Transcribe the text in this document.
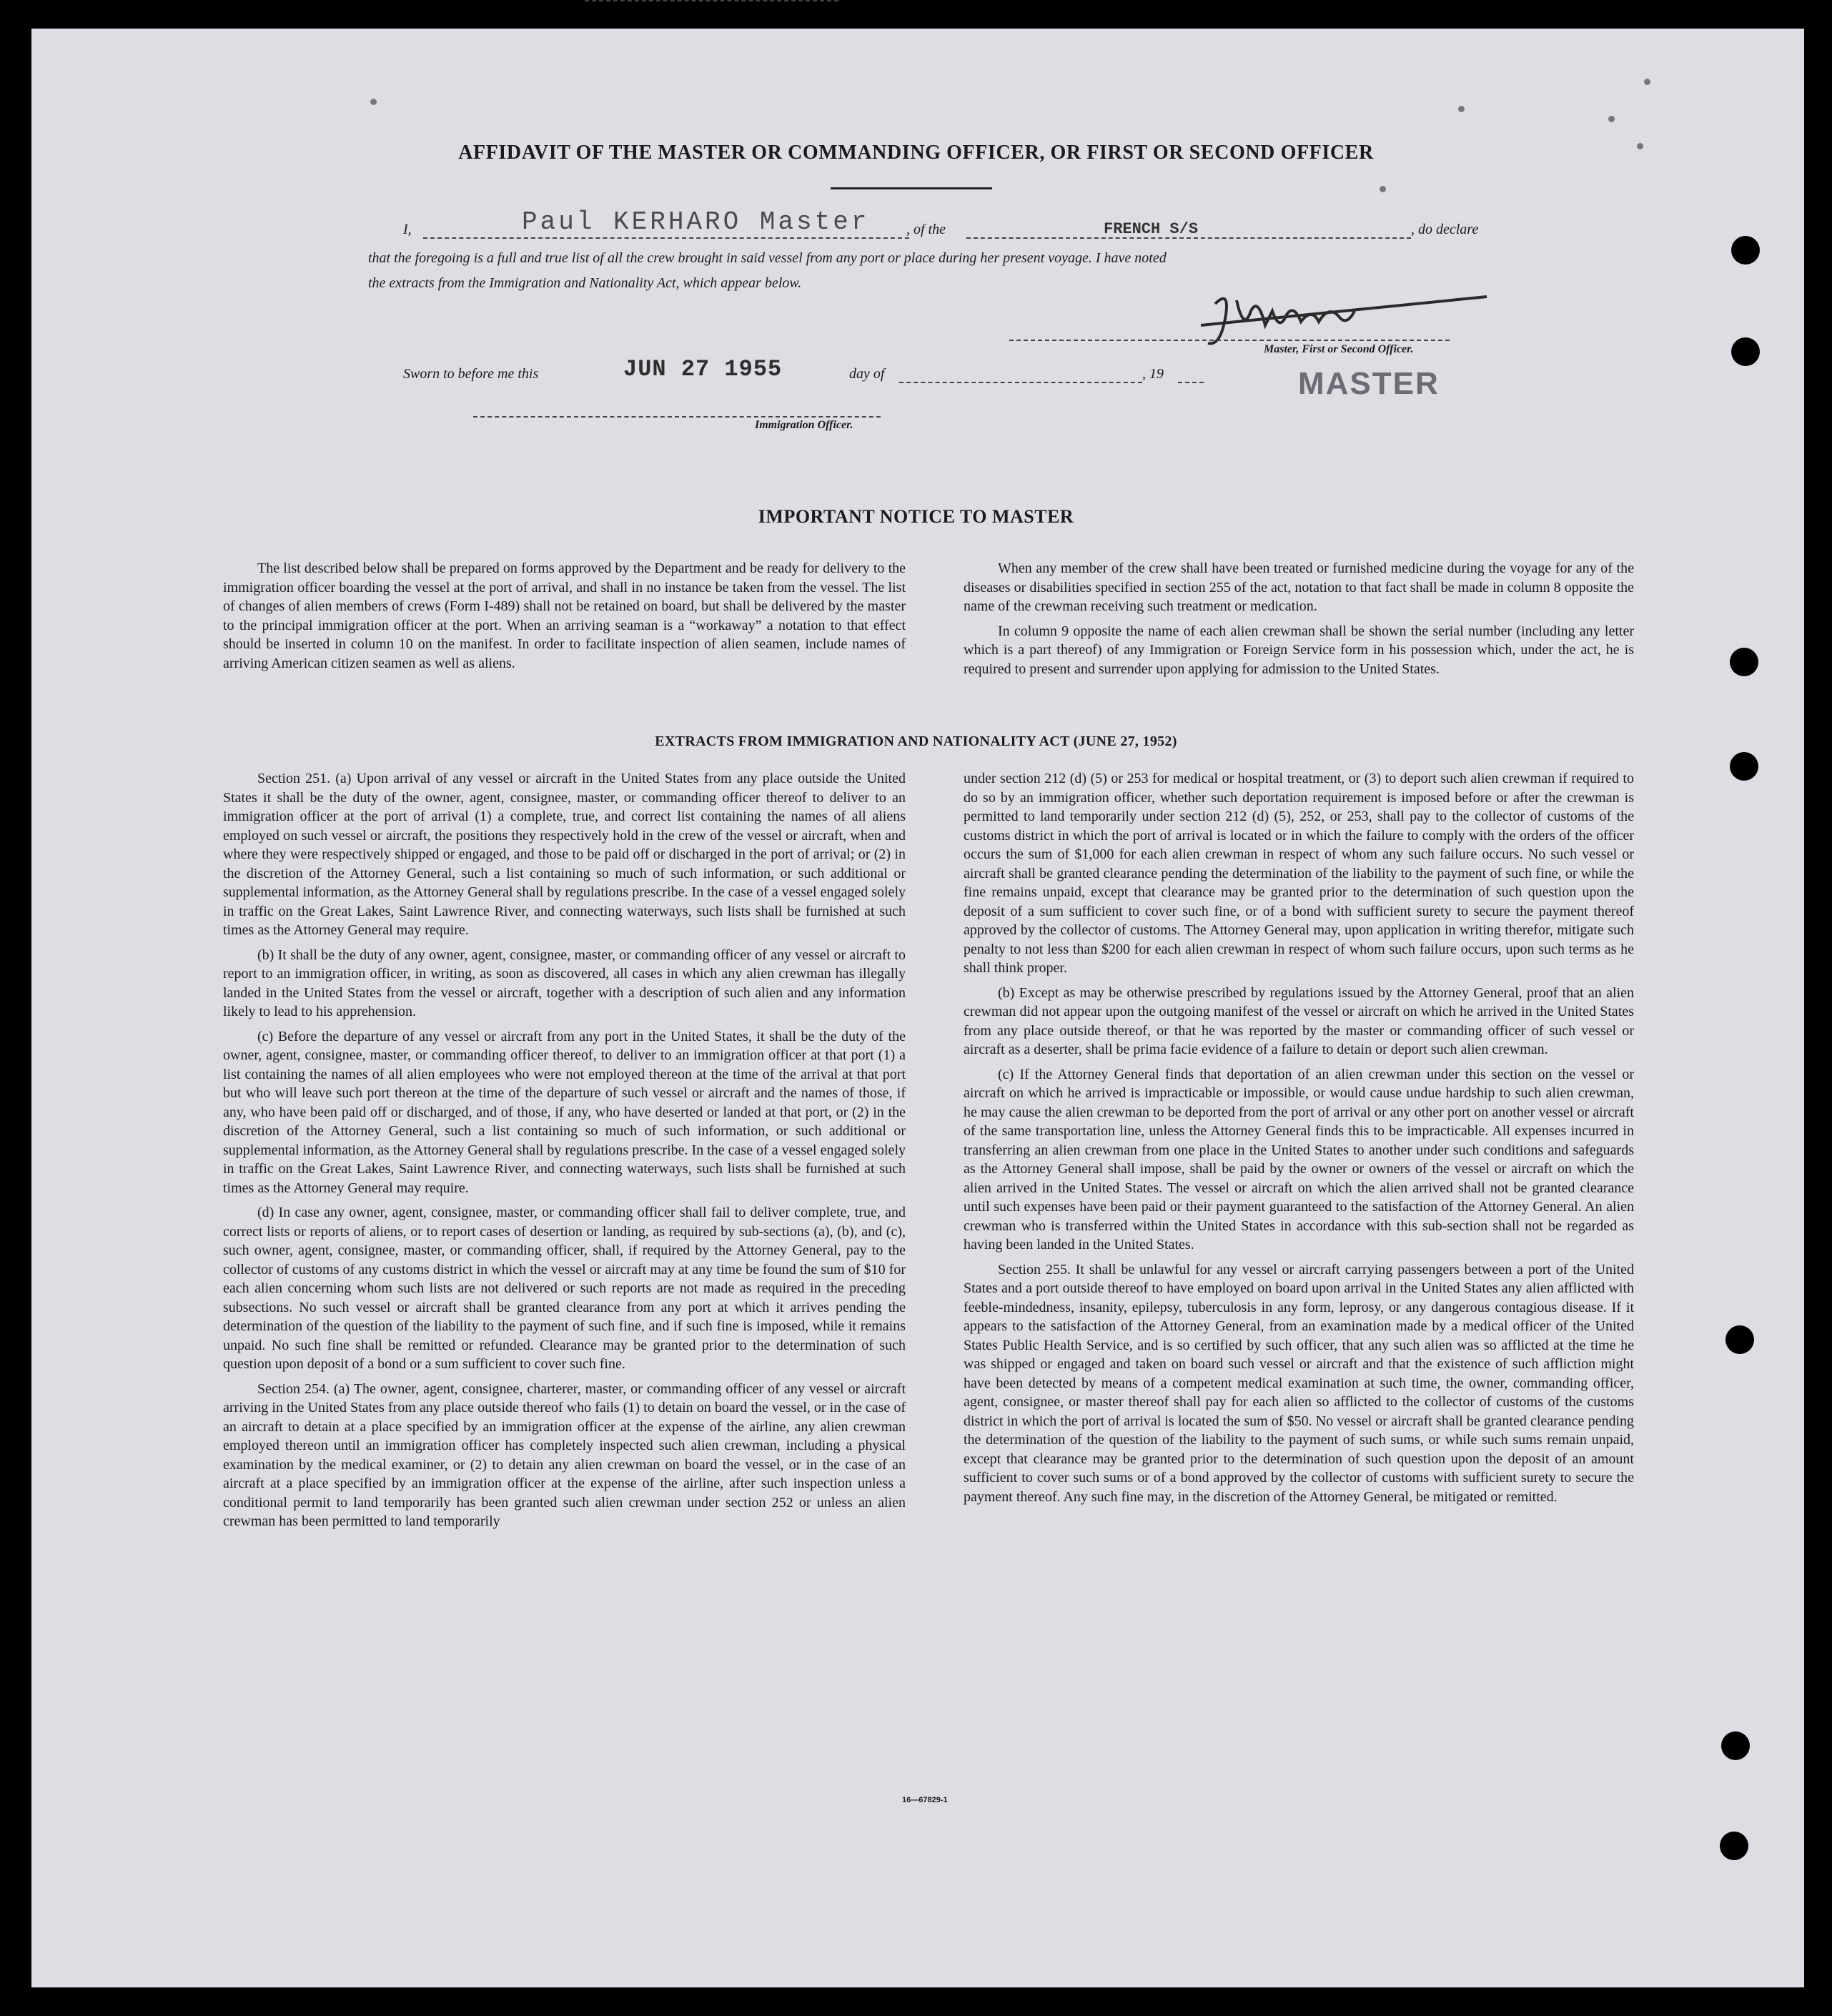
AFFIDAVIT OF THE MASTER OR COMMANDING OFFICER, OR FIRST OR SECOND OFFICER
I,	Paul KERHARO Master	, of the	FRENCH S/S	, do declare
that the foregoing is a full and true list of all the crew brought in said vessel from any port or place during her present voyage. I have noted
the extracts from the Immigration and Nationality Act, which appear below.
Master, First or Second Officer.
MASTER
Sworn to before me this	JUN 27 1955	day of	, 19
Immigration Officer.
IMPORTANT NOTICE TO MASTER

The list described below shall be prepared on forms approved by the Department and be ready for delivery to the immigration officer boarding the vessel at the port of arrival, and shall in no instance be taken from the vessel. The list of changes of alien members of crews (Form I-489) shall not be retained on board, but shall be delivered by the master to the principal immigration officer at the port. When an arriving seaman is a “workaway” a notation to that effect should be inserted in column 10 on the manifest. In order to facilitate inspection of alien seamen, include names of arriving American citizen seamen as well as aliens.

When any member of the crew shall have been treated or furnished medicine during the voyage for any of the diseases or disabilities specified in section 255 of the act, notation to that fact shall be made in column 8 opposite the name of the crewman receiving such treatment or medication.

In column 9 opposite the name of each alien crewman shall be shown the serial number (including any letter which is a part thereof) of any Immigration or Foreign Service form in his possession which, under the act, he is required to present and surrender upon applying for admission to the United States.

EXTRACTS FROM IMMIGRATION AND NATIONALITY ACT (JUNE 27, 1952)

Section 251. (a) Upon arrival of any vessel or aircraft in the United States from any place outside the United States it shall be the duty of the owner, agent, consignee, master, or commanding officer thereof to deliver to an immigration officer at the port of arrival (1) a complete, true, and correct list containing the names of all aliens employed on such vessel or aircraft, the positions they respectively hold in the crew of the vessel or aircraft, when and where they were respectively shipped or engaged, and those to be paid off or discharged in the port of arrival; or (2) in the discretion of the Attorney General, such a list containing so much of such information, or such additional or supplemental information, as the Attorney General shall by regulations prescribe. In the case of a vessel engaged solely in traffic on the Great Lakes, Saint Lawrence River, and connecting waterways, such lists shall be furnished at such times as the Attorney General may require.

(b) It shall be the duty of any owner, agent, consignee, master, or commanding officer of any vessel or aircraft to report to an immigration officer, in writing, as soon as discovered, all cases in which any alien crewman has illegally landed in the United States from the vessel or aircraft, together with a description of such alien and any information likely to lead to his apprehension.

(c) Before the departure of any vessel or aircraft from any port in the United States, it shall be the duty of the owner, agent, consignee, master, or commanding officer thereof, to deliver to an immigration officer at that port (1) a list containing the names of all alien employees who were not employed thereon at the time of the arrival at that port but who will leave such port thereon at the time of the departure of such vessel or aircraft and the names of those, if any, who have been paid off or discharged, and of those, if any, who have deserted or landed at that port, or (2) in the discretion of the Attorney General, such a list containing so much of such information, or such additional or supplemental information, as the Attorney General shall by regulations prescribe. In the case of a vessel engaged solely in traffic on the Great Lakes, Saint Lawrence River, and connecting waterways, such lists shall be furnished at such times as the Attorney General may require.

(d) In case any owner, agent, consignee, master, or commanding officer shall fail to deliver complete, true, and correct lists or reports of aliens, or to report cases of desertion or landing, as required by sub-sections (a), (b), and (c), such owner, agent, consignee, master, or commanding officer, shall, if required by the Attorney General, pay to the collector of customs of any customs district in which the vessel or aircraft may at any time be found the sum of $10 for each alien concerning whom such lists are not delivered or such reports are not made as required in the preceding subsections. No such vessel or aircraft shall be granted clearance from any port at which it arrives pending the determination of the question of the liability to the payment of such fine, and if such fine is imposed, while it remains unpaid. No such fine shall be remitted or refunded. Clearance may be granted prior to the determination of such question upon deposit of a bond or a sum sufficient to cover such fine.

Section 254. (a) The owner, agent, consignee, charterer, master, or commanding officer of any vessel or aircraft arriving in the United States from any place outside thereof who fails (1) to detain on board the vessel, or in the case of an aircraft to detain at a place specified by an immigration officer at the expense of the airline, any alien crewman employed thereon until an immigration officer has completely inspected such alien crewman, including a physical examination by the medical examiner, or (2) to detain any alien crewman on board the vessel, or in the case of an aircraft at a place specified by an immigration officer at the expense of the airline, after such inspection unless a conditional permit to land temporarily has been granted such alien crewman under section 252 or unless an alien crewman has been permitted to land temporarily

under section 212 (d) (5) or 253 for medical or hospital treatment, or (3) to deport such alien crewman if required to do so by an immigration officer, whether such deportation requirement is imposed before or after the crewman is permitted to land temporarily under section 212 (d) (5), 252, or 253, shall pay to the collector of customs of the customs district in which the port of arrival is located or in which the failure to comply with the orders of the officer occurs the sum of $1,000 for each alien crewman in respect of whom any such failure occurs. No such vessel or aircraft shall be granted clearance pending the determination of the liability to the payment of such fine, or while the fine remains unpaid, except that clearance may be granted prior to the determination of such question upon the deposit of a sum sufficient to cover such fine, or of a bond with sufficient surety to secure the payment thereof approved by the collector of customs. The Attorney General may, upon application in writing therefor, mitigate such penalty to not less than $200 for each alien crewman in respect of whom such failure occurs, upon such terms as he shall think proper.

(b) Except as may be otherwise prescribed by regulations issued by the Attorney General, proof that an alien crewman did not appear upon the outgoing manifest of the vessel or aircraft on which he arrived in the United States from any place outside thereof, or that he was reported by the master or commanding officer of such vessel or aircraft as a deserter, shall be prima facie evidence of a failure to detain or deport such alien crewman.

(c) If the Attorney General finds that deportation of an alien crewman under this section on the vessel or aircraft on which he arrived is impracticable or impossible, or would cause undue hardship to such alien crewman, he may cause the alien crewman to be deported from the port of arrival or any other port on another vessel or aircraft of the same transportation line, unless the Attorney General finds this to be impracticable. All expenses incurred in transferring an alien crewman from one place in the United States to another under such conditions and safeguards as the Attorney General shall impose, shall be paid by the owner or owners of the vessel or aircraft on which the alien arrived in the United States. The vessel or aircraft on which the alien arrived shall not be granted clearance until such expenses have been paid or their payment guaranteed to the satisfaction of the Attorney General. An alien crewman who is transferred within the United States in accordance with this sub-section shall not be regarded as having been landed in the United States.

Section 255. It shall be unlawful for any vessel or aircraft carrying passengers between a port of the United States and a port outside thereof to have employed on board upon arrival in the United States any alien afflicted with feeble-mindedness, insanity, epilepsy, tuberculosis in any form, leprosy, or any dangerous contagious disease. If it appears to the satisfaction of the Attorney General, from an examination made by a medical officer of the United States Public Health Service, and is so certified by such officer, that any such alien was so afflicted at the time he was shipped or engaged and taken on board such vessel or aircraft and that the existence of such affliction might have been detected by means of a competent medical examination at such time, the owner, commanding officer, agent, consignee, or master thereof shall pay for each alien so afflicted to the collector of customs of the customs district in which the port of arrival is located the sum of $50. No vessel or aircraft shall be granted clearance pending the determination of the question of the liability to the payment of such sums, or while such sums remain unpaid, except that clearance may be granted prior to the determination of such question upon the deposit of an amount sufficient to cover such sums or of a bond approved by the collector of customs with sufficient surety to secure the payment thereof. Any such fine may, in the discretion of the Attorney General, be mitigated or remitted.

16—67829-1
